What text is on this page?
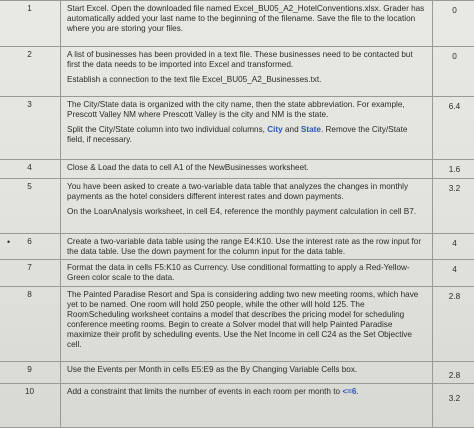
1	Start Excel. Open the downloaded file named Excel_BU05_A2_HotelConventions.xlsx. Grader has automatically added your last name to the beginning of the filename. Save the file to the location where you are storing your files.	0

2	A list of businesses has been provided in a text file. These businesses need to be contacted but first the data needs to be imported into Excel and transformed.

Establish a connection to the text file Excel_BU05_A2_Businesses.txt.	0

3	The City/State data is organized with the city name, then the state abbreviation. For example, Prescott Valley NM where Prescott Valley is the city and NM is the state.

Split the City/State column into two individual columns, City and State. Remove the City/State field, if necessary.	6.4

4	Close & Load the data to cell A1 of the NewBusinesses worksheet.	1.6

5	You have been asked to create a two-variable data table that analyzes the changes in monthly payments as the hotel considers different interest rates and down payments.

On the LoanAnalysis worksheet, in cell E4, reference the monthly payment calculation in cell B7.	3.2

• 6	Create a two-variable data table using the range E4:K10. Use the interest rate as the row input for the data table. Use the down payment for the column input for the data table.	4

7	Format the data in cells F5:K10 as Currency. Use conditional formatting to apply a Red-Yellow-Green color scale to the data.	4

8	The Painted Paradise Resort and Spa is considering adding two new meeting rooms, which have yet to be named. One room will hold 250 people, while the other will hold 125. The RoomScheduling worksheet contains a model that describes the pricing model for scheduling conference meeting rooms. Begin to create a Solver model that will help Painted Paradise maximize their profit by scheduling events. Use the Net Income in cell C24 as the Set Objective cell.	2.8

9	Use the Events per Month in cells E5:E9 as the By Changing Variable Cells box.	2.8

10	Add a constraint that limits the number of events in each room per month to <=6.	3.2
